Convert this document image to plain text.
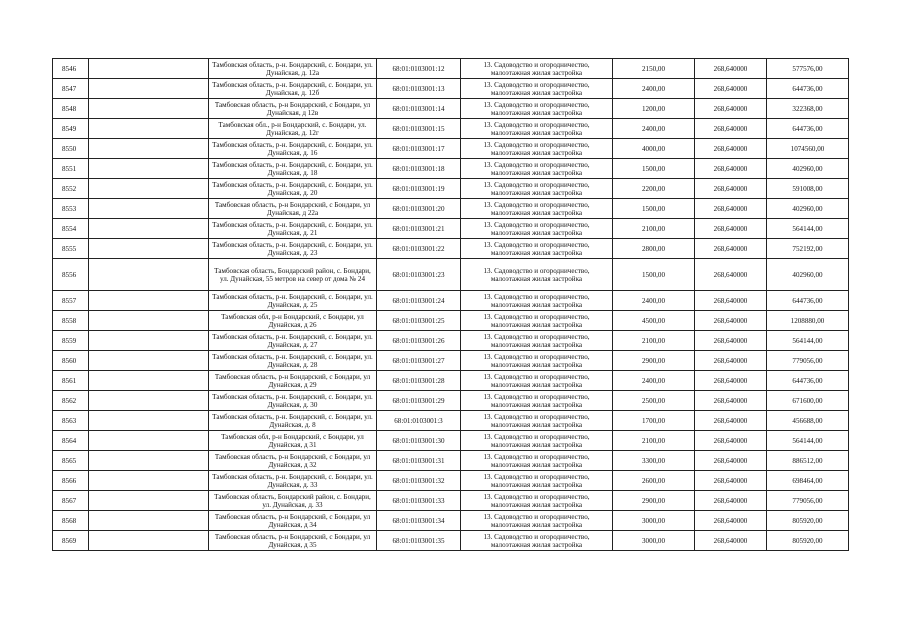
8546		Тамбовская область, р-н. Бондарский, с. Бондари, ул. Дунайская, д. 12а	68:01:0103001:12	13. Садоводство и огородничество, малоэтажная жилая застройка	2150,00	268,640000	577576,00
8547		Тамбовская область, р-н. Бондарский, с. Бондари, ул. Дунайская, д. 12б	68:01:0103001:13	13. Садоводство и огородничество, малоэтажная жилая застройка	2400,00	268,640000	644736,00
8548		Тамбовская область, р-н Бондарский, с Бондари, ул Дунайская, д 12в	68:01:0103001:14	13. Садоводство и огородничество, малоэтажная жилая застройка	1200,00	268,640000	322368,00
8549		Тамбовская обл., р-н Бондарский, с. Бондари, ул. Дунайская, д. 12г	68:01:0103001:15	13. Садоводство и огородничество, малоэтажная жилая застройка	2400,00	268,640000	644736,00
8550		Тамбовская область, р-н. Бондарский, с. Бондари, ул. Дунайская, д. 16	68:01:0103001:17	13. Садоводство и огородничество, малоэтажная жилая застройка	4000,00	268,640000	1074560,00
8551		Тамбовская область, р-н. Бондарский, с. Бондари, ул. Дунайская, д. 18	68:01:0103001:18	13. Садоводство и огородничество, малоэтажная жилая застройка	1500,00	268,640000	402960,00
8552		Тамбовская область, р-н. Бондарский, с. Бондари, ул. Дунайская, д. 20	68:01:0103001:19	13. Садоводство и огородничество, малоэтажная жилая застройка	2200,00	268,640000	591008,00
8553		Тамбовская область, р-н Бондарский, с Бондари, ул Дунайская, д 22а	68:01:0103001:20	13. Садоводство и огородничество, малоэтажная жилая застройка	1500,00	268,640000	402960,00
8554		Тамбовская область, р-н. Бондарский, с. Бондари, ул. Дунайская, д. 21	68:01:0103001:21	13. Садоводство и огородничество, малоэтажная жилая застройка	2100,00	268,640000	564144,00
8555		Тамбовская область, р-н. Бондарский, с. Бондари, ул. Дунайская, д. 23	68:01:0103001:22	13. Садоводство и огородничество, малоэтажная жилая застройка	2800,00	268,640000	752192,00
8556		Тамбовская область, Бондарский район, с. Бондари, ул. Дунайская, 55 метров на север от дома № 24	68:01:0103001:23	13. Садоводство и огородничество, малоэтажная жилая застройка	1500,00	268,640000	402960,00
8557		Тамбовская область, р-н. Бондарский, с. Бондари, ул. Дунайская, д. 25	68:01:0103001:24	13. Садоводство и огородничество, малоэтажная жилая застройка	2400,00	268,640000	644736,00
8558		Тамбовская обл, р-н Бондарский, с Бондари, ул Дунайская, д 26	68:01:0103001:25	13. Садоводство и огородничество, малоэтажная жилая застройка	4500,00	268,640000	1208880,00
8559		Тамбовская область, р-н. Бондарский, с. Бондари, ул. Дунайская, д. 27	68:01:0103001:26	13. Садоводство и огородничество, малоэтажная жилая застройка	2100,00	268,640000	564144,00
8560		Тамбовская область, р-н. Бондарский, с. Бондари, ул. Дунайская, д. 28	68:01:0103001:27	13. Садоводство и огородничество, малоэтажная жилая застройка	2900,00	268,640000	779056,00
8561		Тамбовская область, р-н Бондарский, с Бондари, ул Дунайская, д 29	68:01:0103001:28	13. Садоводство и огородничество, малоэтажная жилая застройка	2400,00	268,640000	644736,00
8562		Тамбовская область, р-н. Бондарский, с. Бондари, ул. Дунайская, д. 30	68:01:0103001:29	13. Садоводство и огородничество, малоэтажная жилая застройка	2500,00	268,640000	671600,00
8563		Тамбовская область, р-н. Бондарский, с. Бондари, ул. Дунайская, д. 8	68:01:0103001:3	13. Садоводство и огородничество, малоэтажная жилая застройка	1700,00	268,640000	456688,00
8564		Тамбовская обл, р-н Бондарский, с Бондари, ул Дунайская, д 31	68:01:0103001:30	13. Садоводство и огородничество, малоэтажная жилая застройка	2100,00	268,640000	564144,00
8565		Тамбовская область, р-н Бондарский, с Бондари, ул Дунайская, д 32	68:01:0103001:31	13. Садоводство и огородничество, малоэтажная жилая застройка	3300,00	268,640000	886512,00
8566		Тамбовская область, р-н. Бондарский, с. Бондари, ул. Дунайская, д. 33	68:01:0103001:32	13. Садоводство и огородничество, малоэтажная жилая застройка	2600,00	268,640000	698464,00
8567		Тамбовская область, Бондарский район, с. Бондари, ул. Дунайская, д. 33	68:01:0103001:33	13. Садоводство и огородничество, малоэтажная жилая застройка	2900,00	268,640000	779056,00
8568		Тамбовская область, р-н Бондарский, с Бондари, ул Дунайская, д 34	68:01:0103001:34	13. Садоводство и огородничество, малоэтажная жилая застройка	3000,00	268,640000	805920,00
8569		Тамбовская область, р-н Бондарский, с Бондари, ул Дунайская, д 35	68:01:0103001:35	13. Садоводство и огородничество, малоэтажная жилая застройка	3000,00	268,640000	805920,00
